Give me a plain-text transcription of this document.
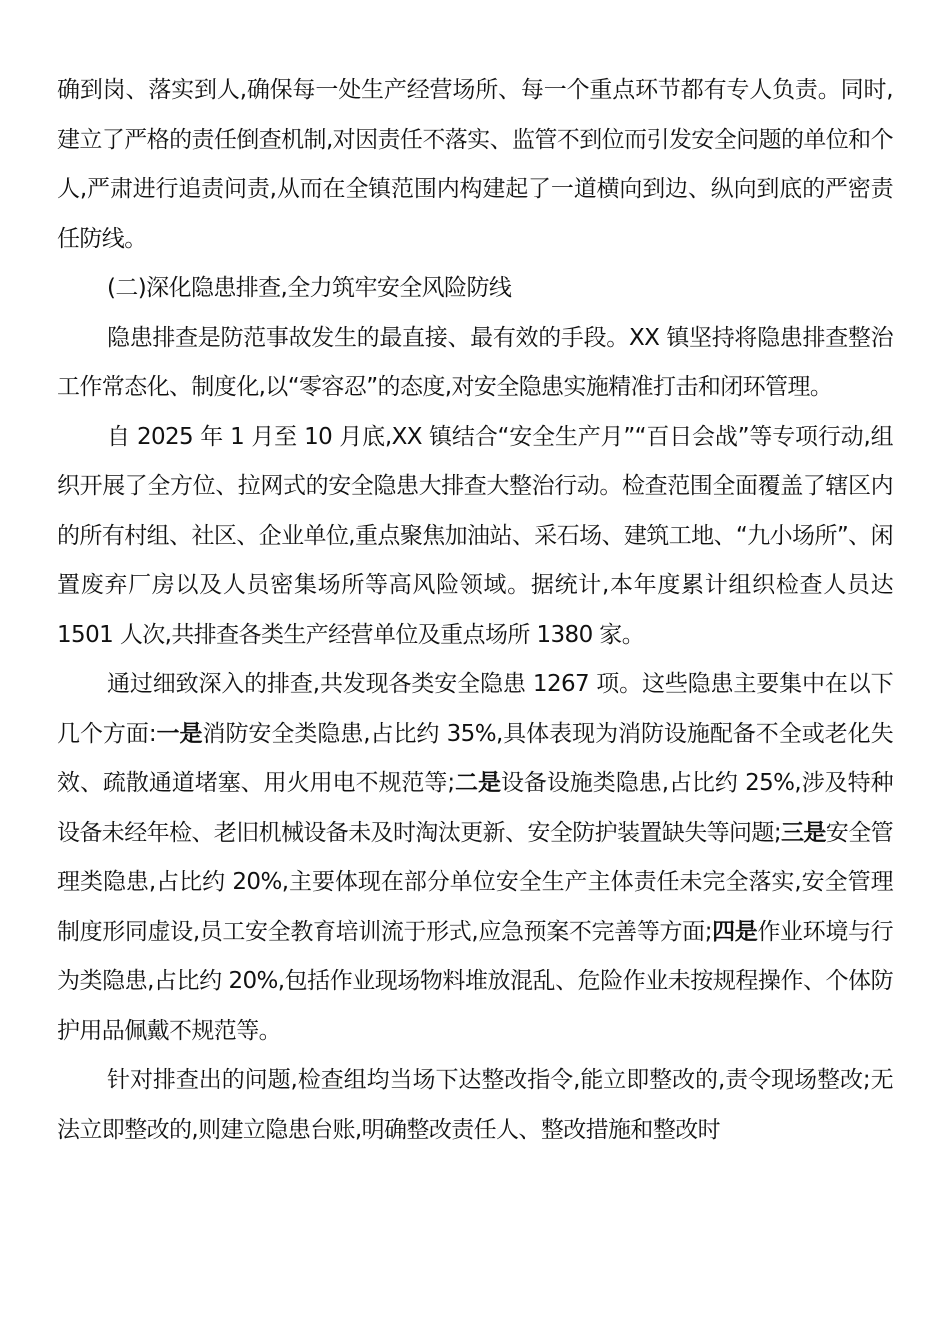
确到岗、落实到人,确保每一处生产经营场所、每一个重点环节都有专人负责。同时,建立了严格的责任倒查机制,对因责任不落实、监管不到位而引发安全问题的单位和个人,严肃进行追责问责,从而在全镇范围内构建起了一道横向到边、纵向到底的严密责任防线。

(二)深化隐患排查,全力筑牢安全风险防线

隐患排查是防范事故发生的最直接、最有效的手段。XX 镇坚持将隐患排查整治工作常态化、制度化,以“零容忍”的态度,对安全隐患实施精准打击和闭环管理。

自 2025 年 1 月至 10 月底,XX 镇结合“安全生产月”“百日会战”等专项行动,组织开展了全方位、拉网式的安全隐患大排查大整治行动。检查范围全面覆盖了辖区内的所有村组、社区、企业单位,重点聚焦加油站、采石场、建筑工地、“九小场所”、闲置废弃厂房以及人员密集场所等高风险领域。据统计,本年度累计组织检查人员达 1501 人次,共排查各类生产经营单位及重点场所 1380 家。

通过细致深入的排查,共发现各类安全隐患 1267 项。这些隐患主要集中在以下几个方面:一是消防安全类隐患,占比约 35%,具体表现为消防设施配备不全或老化失效、疏散通道堵塞、用火用电不规范等;二是设备设施类隐患,占比约 25%,涉及特种设备未经年检、老旧机械设备未及时淘汰更新、安全防护装置缺失等问题;三是安全管理类隐患,占比约 20%,主要体现在部分单位安全生产主体责任未完全落实,安全管理制度形同虚设,员工安全教育培训流于形式,应急预案不完善等方面;四是作业环境与行为类隐患,占比约 20%,包括作业现场物料堆放混乱、危险作业未按规程操作、个体防护用品佩戴不规范等。

针对排查出的问题,检查组均当场下达整改指令,能立即整改的,责令现场整改;无法立即整改的,则建立隐患台账,明确整改责任人、整改措施和整改时
